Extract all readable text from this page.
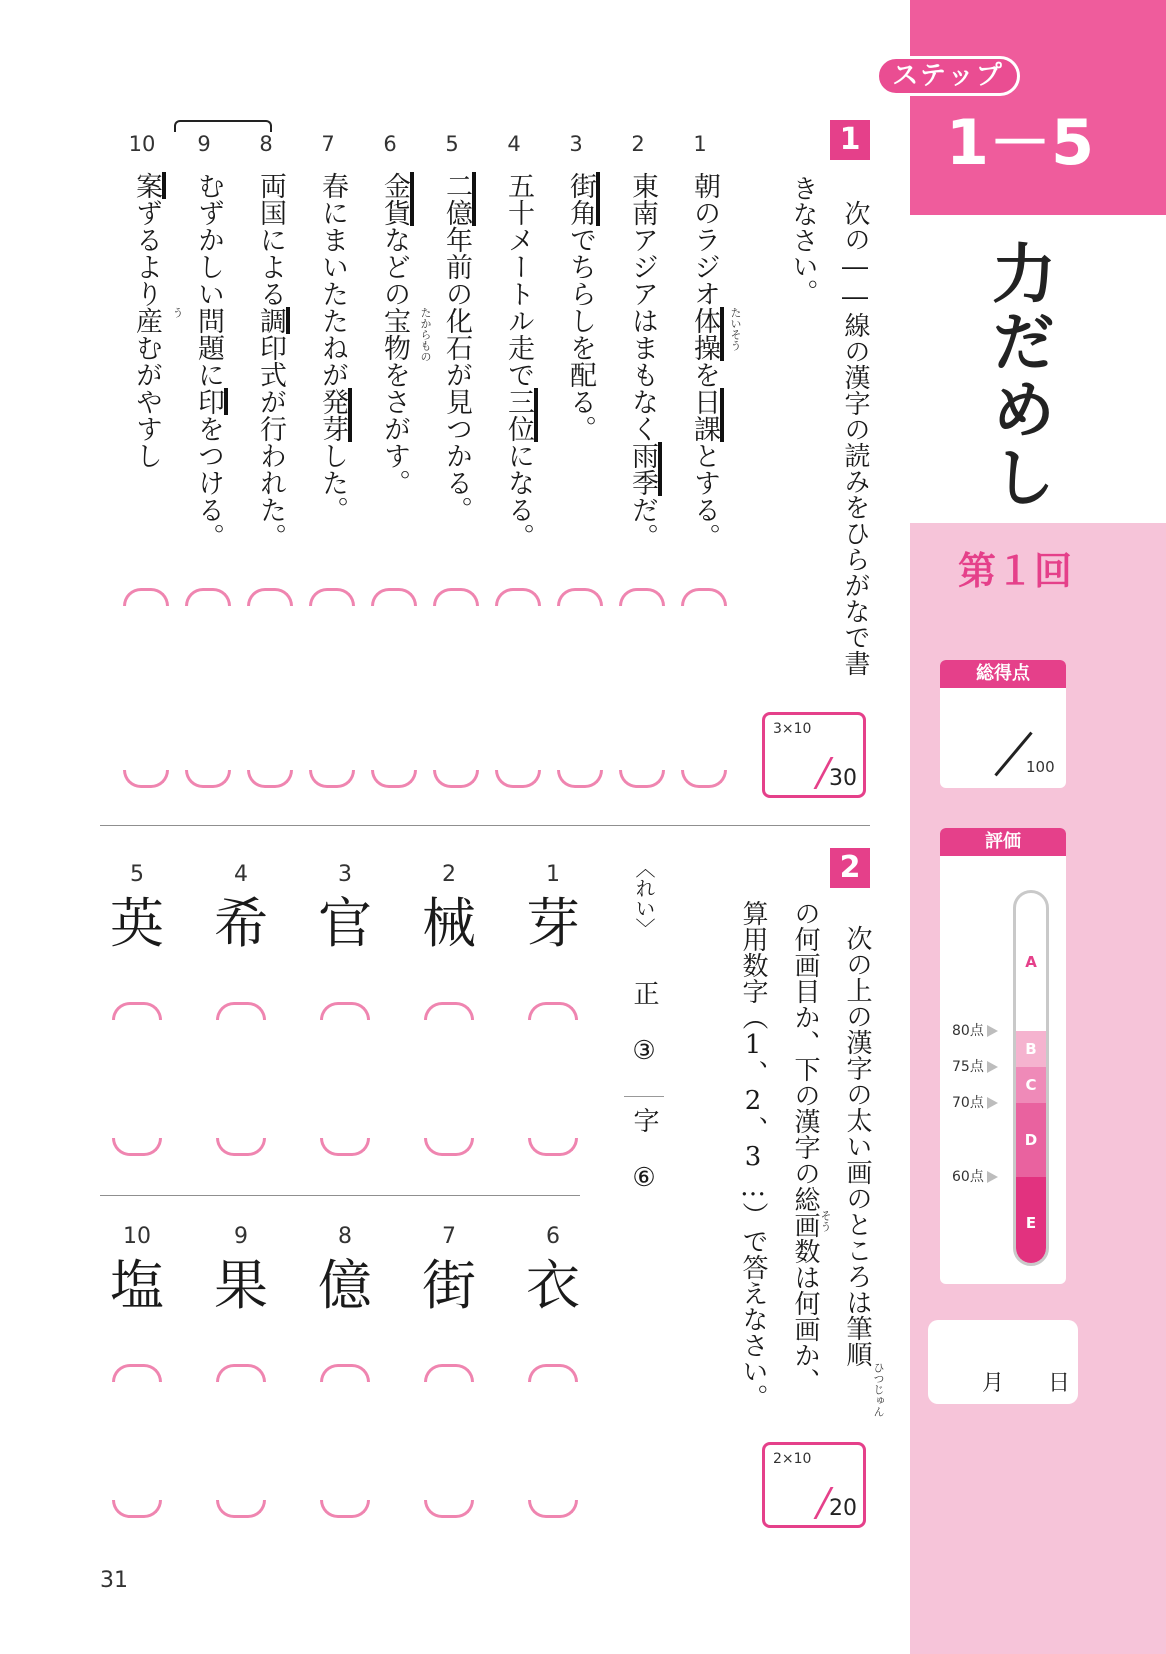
ステップ
1－5
力だめし
第１回
総得点
100
評価
A
B
C
D
E
80点
75点
70点
60点
月 日
1
次の――線の漢字の読みをひらがなで書
きなさい。
1
朝のラジオ体操 たいそう
を日課とする。
2
東南アジアはまもなく雨季だ。
3
街角でちらしを配る。
4
五十メートル走で三位になる。
5
二億年前の化石が見つかる。
6
金貨などの宝物 たからもの
をさがす。
7
春にまいたたねが発芽した。
8
両国による調印式が行われた。
9
むずかしい問題に印をつける。
10
案ずるより産 う
むがやすし
3×10
30
2
次の上の漢字の太い画のところは筆順
の何画目か、下の漢字の総画数は何画か、
算用数字（1、2、3…）で答えなさい。	ひつじゅん
そう
〈れい〉 正 ③ 字 ⑥
1
芽
2
械
3
官
4
希
5
英
6
衣
7
街
8
億
9
果
10
塩
2×10
20
31
